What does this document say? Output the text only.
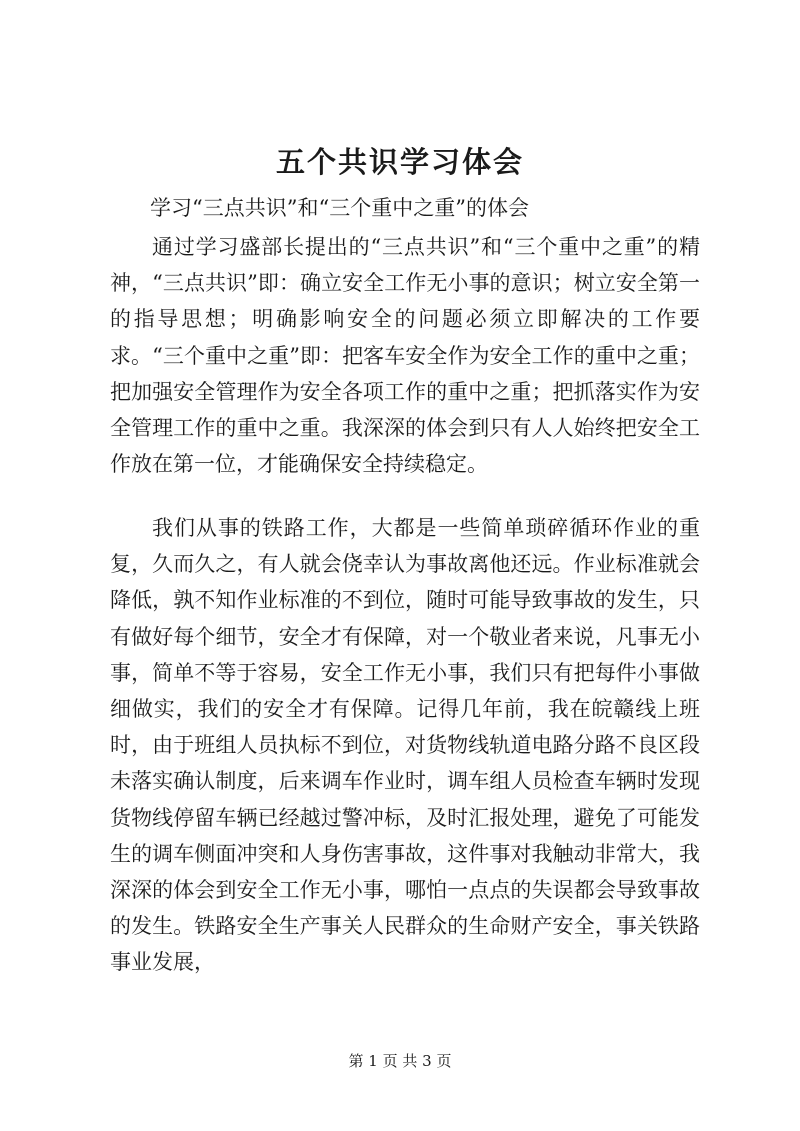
五个共识学习体会

学习“三点共识”和“三个重中之重”的体会

通过学习盛部长提出的“三点共识”和“三个重中之重”的精神，“三点共识”即：确立安全工作无小事的意识；树立安全第一的指导思想；明确影响安全的问题必须立即解决的工作要求。“三个重中之重”即：把客车安全作为安全工作的重中之重；把加强安全管理作为安全各项工作的重中之重；把抓落实作为安全管理工作的重中之重。我深深的体会到只有人人始终把安全工作放在第一位，才能确保安全持续稳定。

我们从事的铁路工作，大都是一些简单琐碎循环作业的重复，久而久之，有人就会侥幸认为事故离他还远。作业标准就会降低，孰不知作业标准的不到位，随时可能导致事故的发生，只有做好每个细节，安全才有保障，对一个敬业者来说，凡事无小事，简单不等于容易，安全工作无小事，我们只有把每件小事做细做实，我们的安全才有保障。记得几年前，我在皖赣线上班时，由于班组人员执标不到位，对货物线轨道电路分路不良区段未落实确认制度，后来调车作业时，调车组人员检查车辆时发现货物线停留车辆已经越过警冲标，及时汇报处理，避免了可能发生的调车侧面冲突和人身伤害事故，这件事对我触动非常大，我深深的体会到安全工作无小事，哪怕一点点的失误都会导致事故的发生。铁路安全生产事关人民群众的生命财产安全，事关铁路事业发展，

第 1 页 共 3 页
